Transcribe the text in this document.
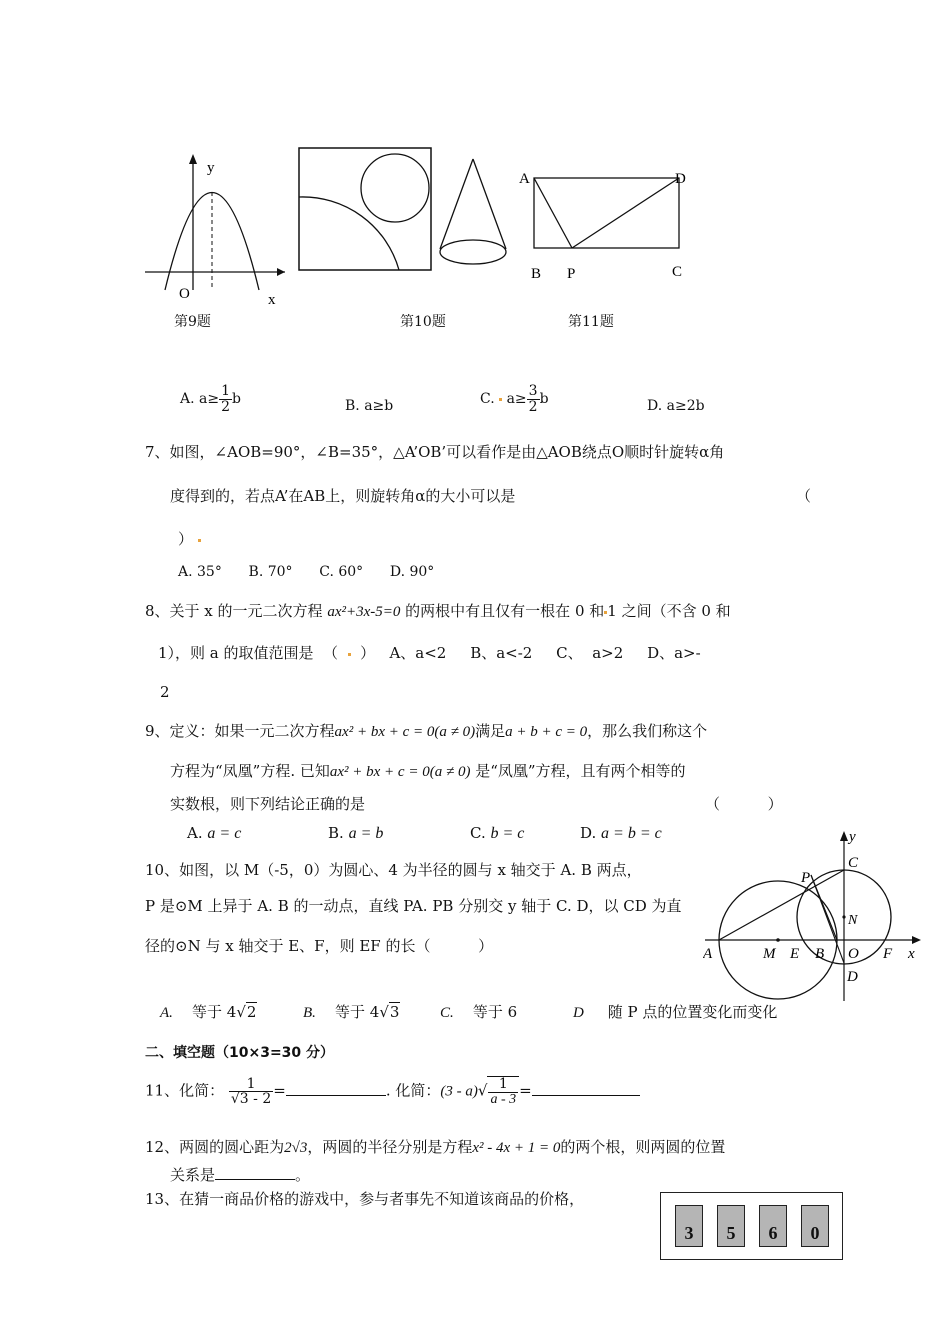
y
O	x
第9题	第10题
A	D
B P	C
第11题
A. $a\ge \frac{1}{2}$ b	B. a≥b	C. $a\ge \frac{3}{2}$ b	D. a≥2b
7、如图，∠AOB=90°，∠B=35°，△A’OB’可以看作是由△AOB绕点O顺时针旋转α角
度得到的，若点A’在AB上，则旋转角α的大小可以是	（
）
A. 35°      B. 70°      C. 60°      D. 90°
8、关于 x 的一元二次方程 ax²+3x-5=0 的两根中有且仅有一根在 0 和 1 之间（不含 0 和
1），则 a 的取值范围是  （ ）   A、a<2     B、a<-2     C、  a>2     D、a>-
2
9、定义：如果一元二次方程ax² + bx + c = 0(a ≠ 0)满足a + b + c = 0，那么我们称这个
方程为“凤凰”方程. 已知ax² + bx + c = 0(a ≠ 0) 是“凤凰”方程，且有两个相等的
实数根，则下列结论正确的是	（          ）
A. a = c	B. a = b	C. b = c	D. a = b = c
10、如图，以 M（-5，0）为圆心、4 为半径的圆与 x 轴交于 A. B 两点，
P 是⊙M 上异于 A. B 的一动点，直线 PA. PB 分别交 y 轴于 C. D，以 CD 为直
径的⊙N 与 x 轴交于 E、F，则 EF 的长（          ）
y
C
P
N
A	M E B O F x
D
A. 等于 4√2	B. 等于 4√3	C. 等于 6	D 随 P 点的位置变化而变化
二、填空题（10×3=30 分）
11、化简： $\frac{1}{√3 - 2}$ =	. 化简：$(3 - a)√ \frac{1}{a - 3}$ =
12、两圆的圆心距为2√3，两圆的半径分别是方程x² - 4x + 1 = 0的两个根，则两圆的位置
关系是	。
13、在猜一商品价格的游戏中，参与者事先不知道该商品的价格，
3	5	6	0
